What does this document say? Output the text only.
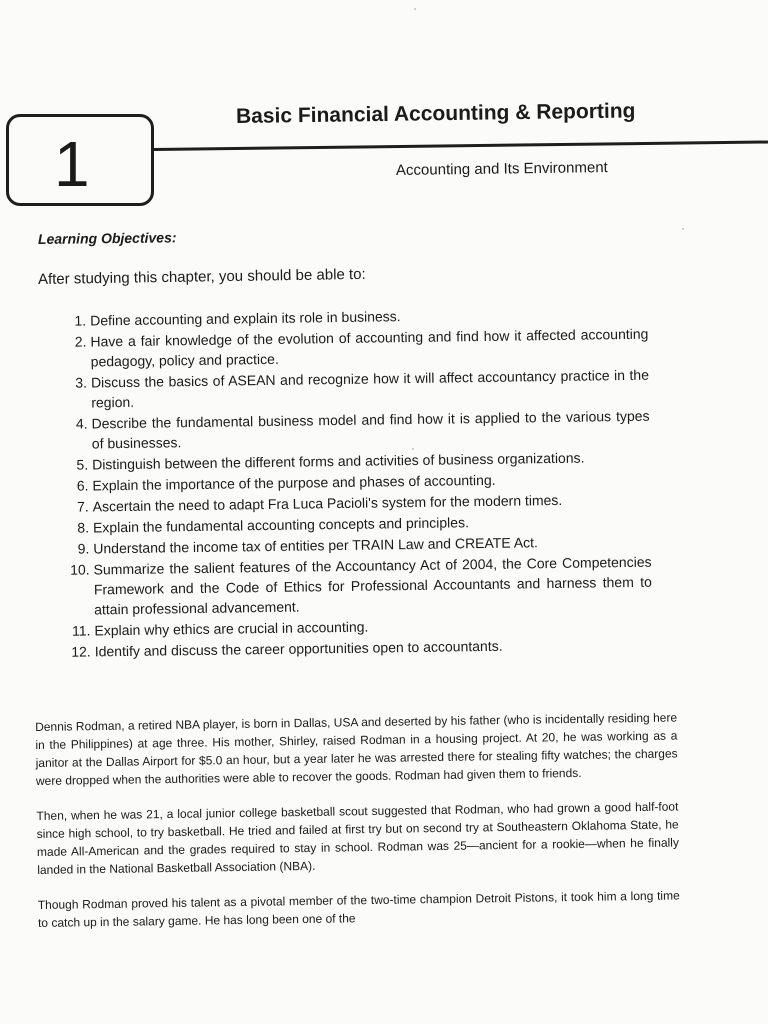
1
Basic Financial Accounting & Reporting
Accounting and Its Environment
Learning Objectives:
After studying this chapter, you should be able to:
1. Define accounting and explain its role in business.
2. Have a fair knowledge of the evolution of accounting and find how it affected accounting pedagogy, policy and practice.
3. Discuss the basics of ASEAN and recognize how it will affect accountancy practice in the region.
4. Describe the fundamental business model and find how it is applied to the various types of businesses.
5. Distinguish between the different forms and activities of business organizations.
6. Explain the importance of the purpose and phases of accounting.
7. Ascertain the need to adapt Fra Luca Pacioli's system for the modern times.
8. Explain the fundamental accounting concepts and principles.
9. Understand the income tax of entities per TRAIN Law and CREATE Act.
10. Summarize the salient features of the Accountancy Act of 2004, the Core Competencies Framework and the Code of Ethics for Professional Accountants and harness them to attain professional advancement.
11. Explain why ethics are crucial in accounting.
12. Identify and discuss the career opportunities open to accountants.

Dennis Rodman, a retired NBA player, is born in Dallas, USA and deserted by his father (who is incidentally residing here in the Philippines) at age three. His mother, Shirley, raised Rodman in a housing project. At 20, he was working as a janitor at the Dallas Airport for $5.0 an hour, but a year later he was arrested there for stealing fifty watches; the charges were dropped when the authorities were able to recover the goods. Rodman had given them to friends.

Then, when he was 21, a local junior college basketball scout suggested that Rodman, who had grown a good half-foot since high school, to try basketball. He tried and failed at first try but on second try at Southeastern Oklahoma State, he made All-American and the grades required to stay in school. Rodman was 25—ancient for a rookie—when he finally landed in the National Basketball Association (NBA).

Though Rodman proved his talent as a pivotal member of the two-time champion Detroit Pistons, it took him a long time to catch up in the salary game. He has long been one of the
